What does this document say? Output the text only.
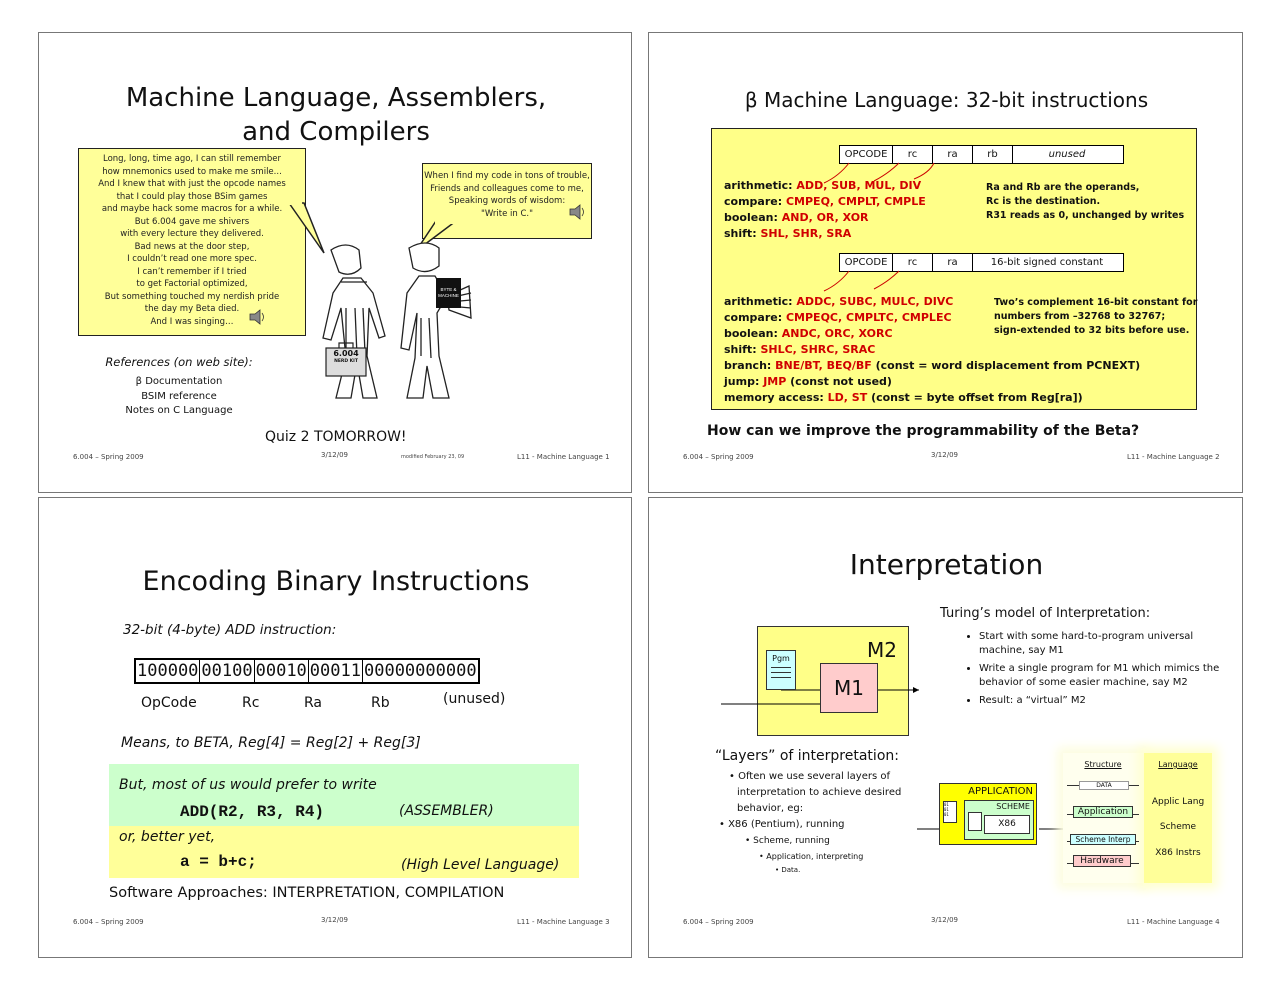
Machine Language, Assemblers,
and Compilers
Long, long, time ago, I can still remember
how mnemonics used to make me smile...
And I knew that with just the opcode names
that I could play those BSim games
and maybe hack some macros for a while.
But 6.004 gave me shivers
with every lecture they delivered.
Bad news at the door step,
I couldn’t read one more spec.
I can’t remember if I tried
to get Factorial optimized,
But something touched my nerdish pride
the day my Beta died.
And I was singing…
When I find my code in tons of trouble,
Friends and colleagues come to me,
Speaking words of wisdom:
"Write in C."
BYTE &
MACHINE
6.004
NERD KIT
References (on web site):
β Documentation
BSIM reference
Notes on C Language
Quiz 2 TOMORROW!
6.004 – Spring 2009	3/12/09	modified February 23, 09	L11 - Machine Language 1
β Machine Language: 32-bit instructions
OPCODE	rc	ra	rb	unused
arithmetic: ADD, SUB, MUL, DIV
compare: CMPEQ, CMPLT, CMPLE
boolean: AND, OR, XOR
shift: SHL, SHR, SRA
Ra and Rb are the operands,
Rc is the destination.
R31 reads as 0, unchanged by writes
OPCODE	rc	ra	16-bit signed constant
arithmetic: ADDC, SUBC, MULC, DIVC
compare: CMPEQC, CMPLTC, CMPLEC
boolean: ANDC, ORC, XORC
shift: SHLC, SHRC, SRAC
branch: BNE/BT, BEQ/BF (const = word displacement from PCNEXT)
jump: JMP (const not used)
memory access: LD, ST (const = byte offset from Reg[ra])
Two’s complement 16-bit constant for
numbers from –32768 to 32767;
sign-extended to 32 bits before use.
How can we improve the programmability of the Beta?
6.004 – Spring 2009	3/12/09	L11 - Machine Language 2
Encoding Binary Instructions
32-bit (4-byte) ADD instruction:
100000 00100 00010 00011 00000000000
OpCode	Rc	Ra	Rb	(unused)
Means, to BETA, Reg[4] = Reg[2] + Reg[3]
But, most of us would prefer to write
ADD(R2, R3, R4)	(ASSEMBLER)
or, better yet,
a = b+c;	(High Level Language)
Software Approaches: INTERPRETATION, COMPILATION
6.004 – Spring 2009	3/12/09	L11 - Machine Language 3
Interpretation
Pgm
M1
M2
Turing’s model of Interpretation:
• Start with some hard-to-program universal machine, say M1
• Write a single program for M1 which mimics the behavior of some easier machine, say M2
• Result: a “virtual” M2
“Layers” of interpretation:
• Often we use several layers of interpretation to achieve desired behavior, eg:
• X86 (Pentium), running
• Scheme, running
• Application, interpreting
• Data.
APPLICATION
01
01
01
SCHEME
X86
Structure	Language
DATA
Application
Scheme Interp
Hardware
Applic Lang
Scheme
X86 Instrs
6.004 – Spring 2009	3/12/09	L11 - Machine Language 4
